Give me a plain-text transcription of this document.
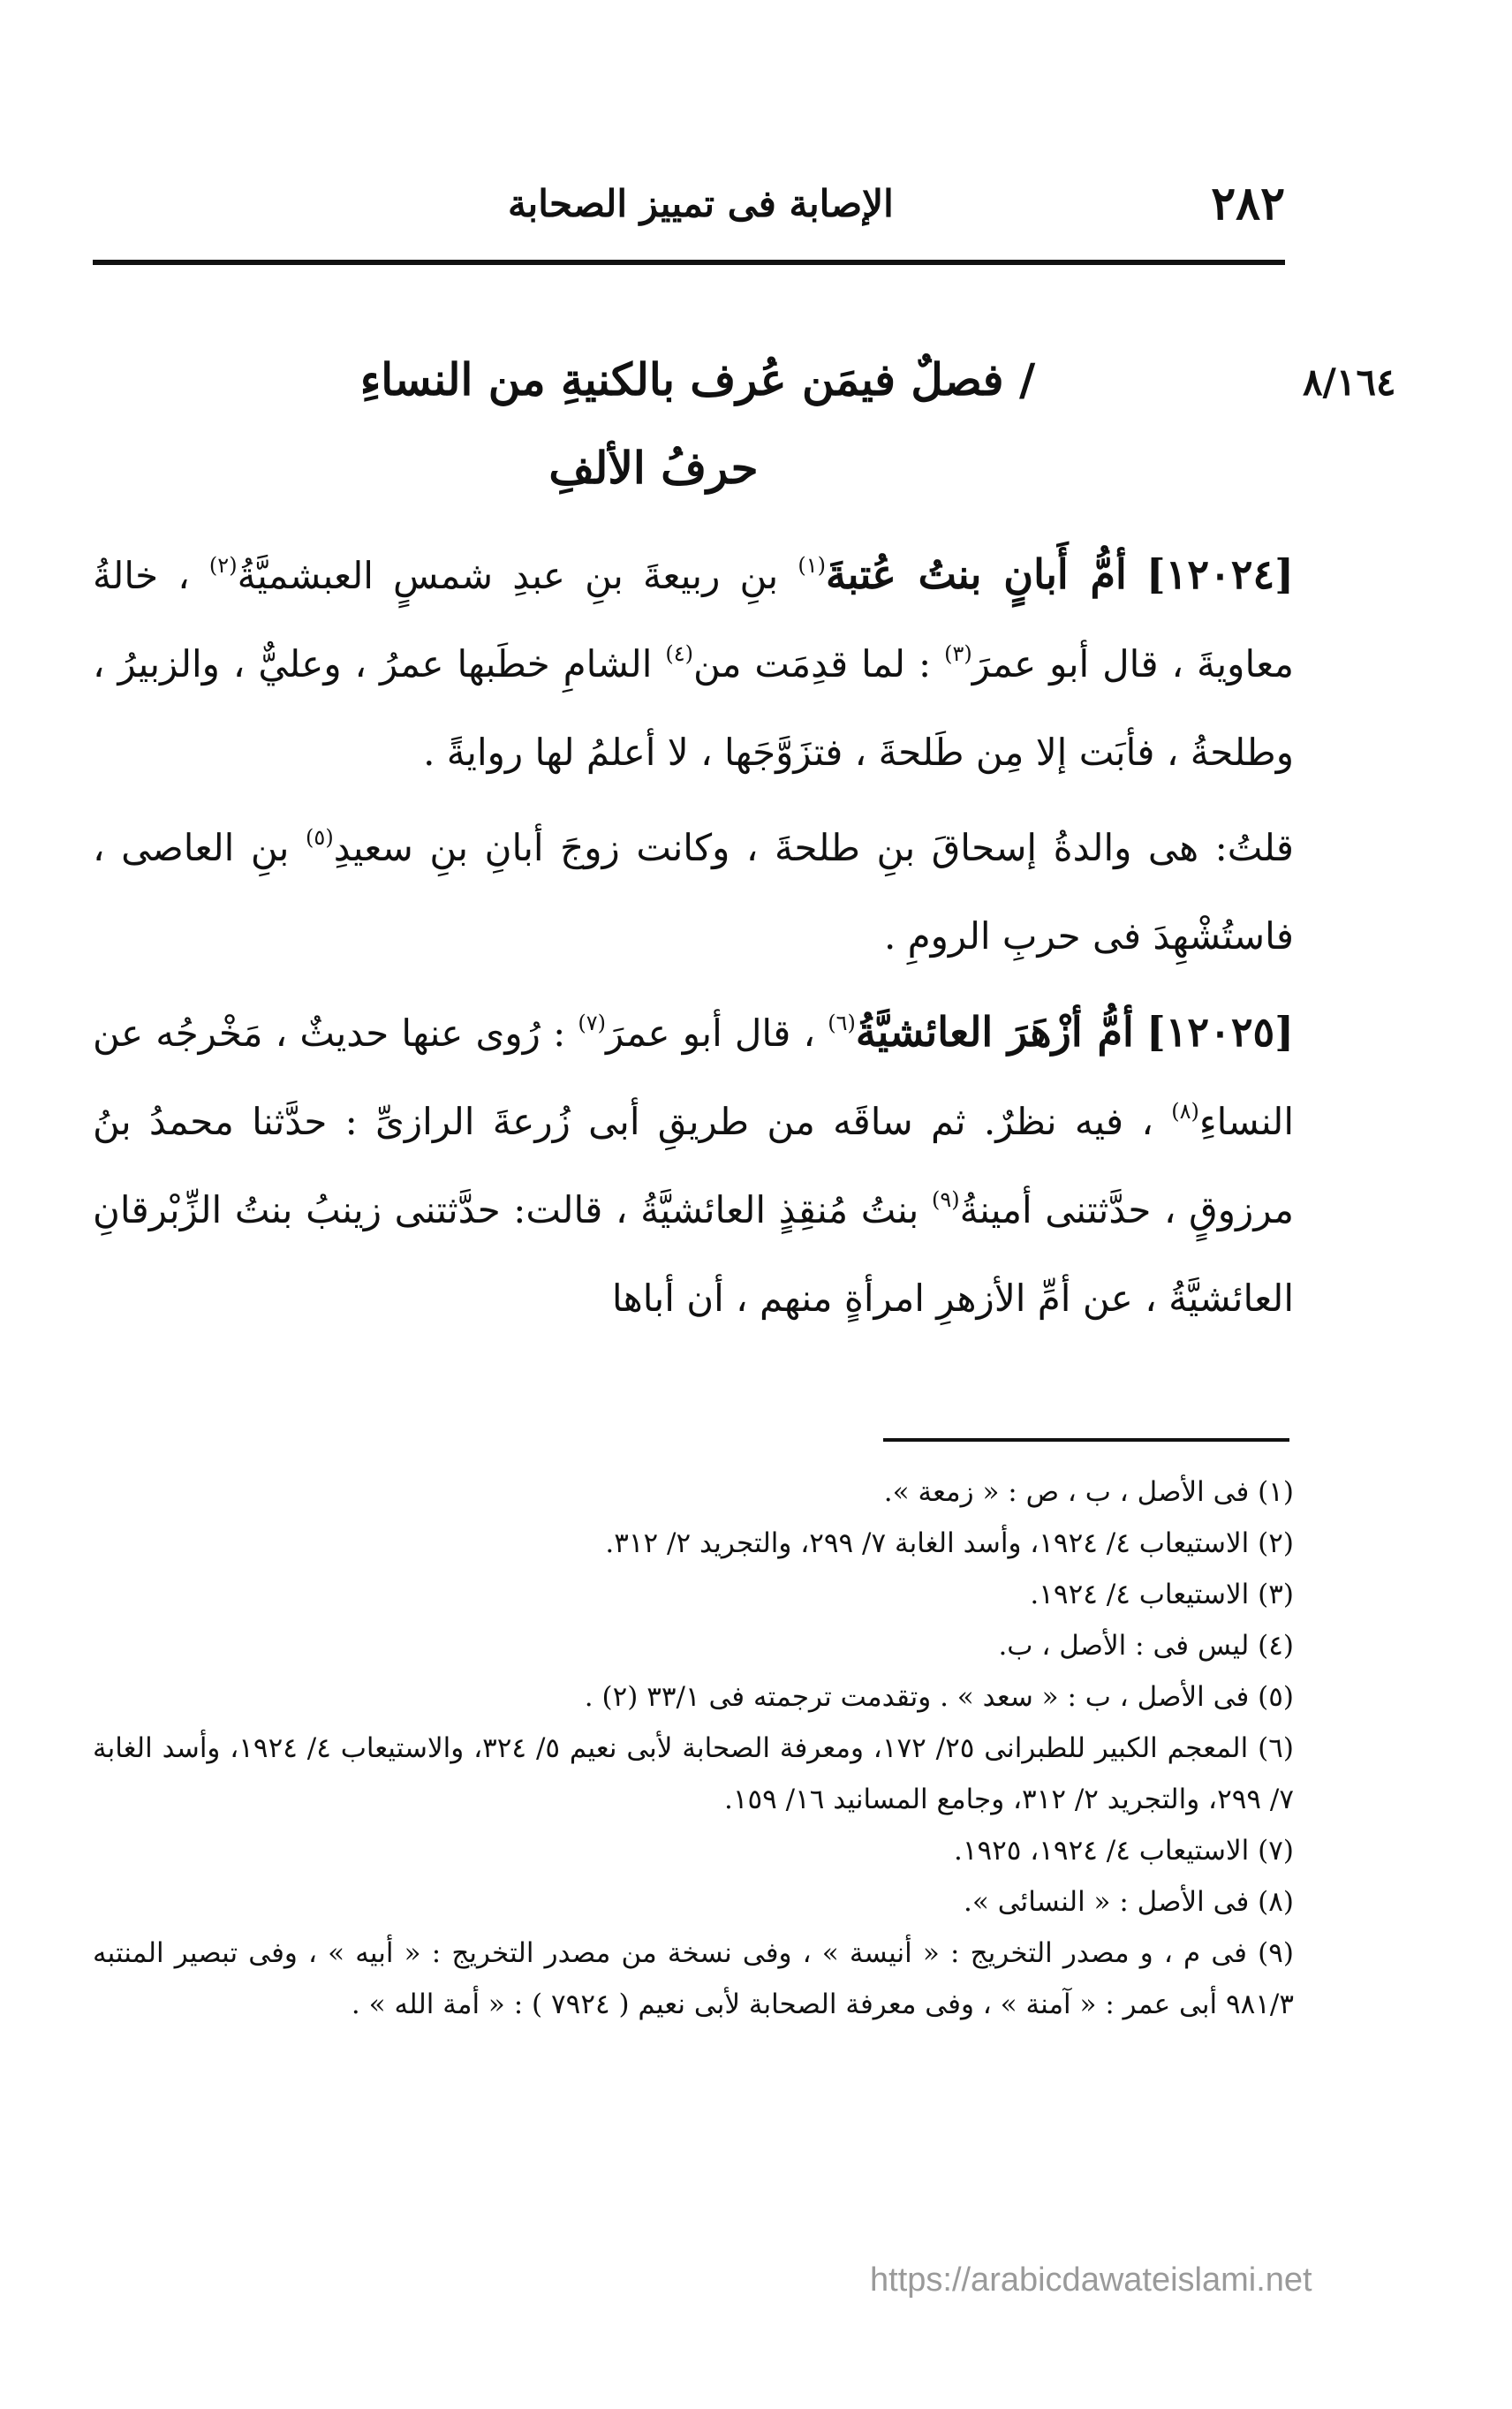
٢٨٢
الإصابة فى تمييز الصحابة
٨/١٦٤
/ فصلٌ فيمَن عُرف بالكنيةِ من النساءِ
حرفُ الألفِ

[١٢٠٢٤] أمُّ أَبانٍ بنتُ عُتبةَ$^{(١)}$ بنِ ربيعةَ بنِ عبدِ شمسٍ العبشميَّةُ$^{(٢)}$ ، خالةُ معاويةَ ، قال أبو عمرَ$^{(٣)}$ : لما قدِمَت من$^{(٤)}$ الشامِ خطَبها عمرُ ، وعليٌّ ، والزبيرُ ، وطلحةُ ، فأبَت إلا مِن طَلحةَ ، فتزَوَّجَها ، لا أعلمُ لها روايةً .

قلتُ: هى والدةُ إسحاقَ بنِ طلحةَ ، وكانت زوجَ أبانِ بنِ سعيدِ$^{(٥)}$ بنِ العاصى ، فاستُشْهِدَ فى حربِ الرومِ .

[١٢٠٢٥] أمُّ أزْهَرَ العائشيَّةُ$^{(٦)}$ ، قال أبو عمرَ$^{(٧)}$ : رُوى عنها حديثٌ ، مَخْرجُه عن النساءِ$^{(٨)}$ ، فيه نظرٌ. ثم ساقَه من طريقِ أبى زُرعةَ الرازىِّ : حدَّثنا محمدُ بنُ مرزوقٍ ، حدَّثتنى أمينةُ$^{(٩)}$ بنتُ مُنقِذٍ العائشيَّةُ ، قالت: حدَّثتنى زينبُ بنتُ الزِّبْرقانِ العائشيَّةُ ، عن أمِّ الأزهرِ امرأةٍ منهم ، أن أباها

(١) فى الأصل ، ب ، ص : « زمعة ».

(٢) الاستيعاب ٤/ ١٩٢٤، وأسد الغابة ٧/ ٢٩٩، والتجريد ٢/ ٣١٢.

(٣) الاستيعاب ٤/ ١٩٢٤.

(٤) ليس فى : الأصل ، ب.

(٥) فى الأصل ، ب : « سعد » . وتقدمت ترجمته فى ٣٣/١ (٢) .

(٦) المعجم الكبير للطبرانى ٢٥/ ١٧٢، ومعرفة الصحابة لأبى نعيم ٥/ ٣٢٤، والاستيعاب ٤/ ١٩٢٤، وأسد الغابة ٧/ ٢٩٩، والتجريد ٢/ ٣١٢، وجامع المسانيد ١٦/ ١٥٩.

(٧) الاستيعاب ٤/ ١٩٢٤، ١٩٢٥.

(٨) فى الأصل : « النسائى ».

(٩) فى م ، و مصدر التخريج : « أنيسة » ، وفى نسخة من مصدر التخريج : « أبيه » ، وفى تبصير المنتبه ٩٨١/٣ أبى عمر : « آمنة » ، وفى معرفة الصحابة لأبى نعيم ( ٧٩٢٤ ) : « أمة الله » .

https://arabicdawateislami.net
